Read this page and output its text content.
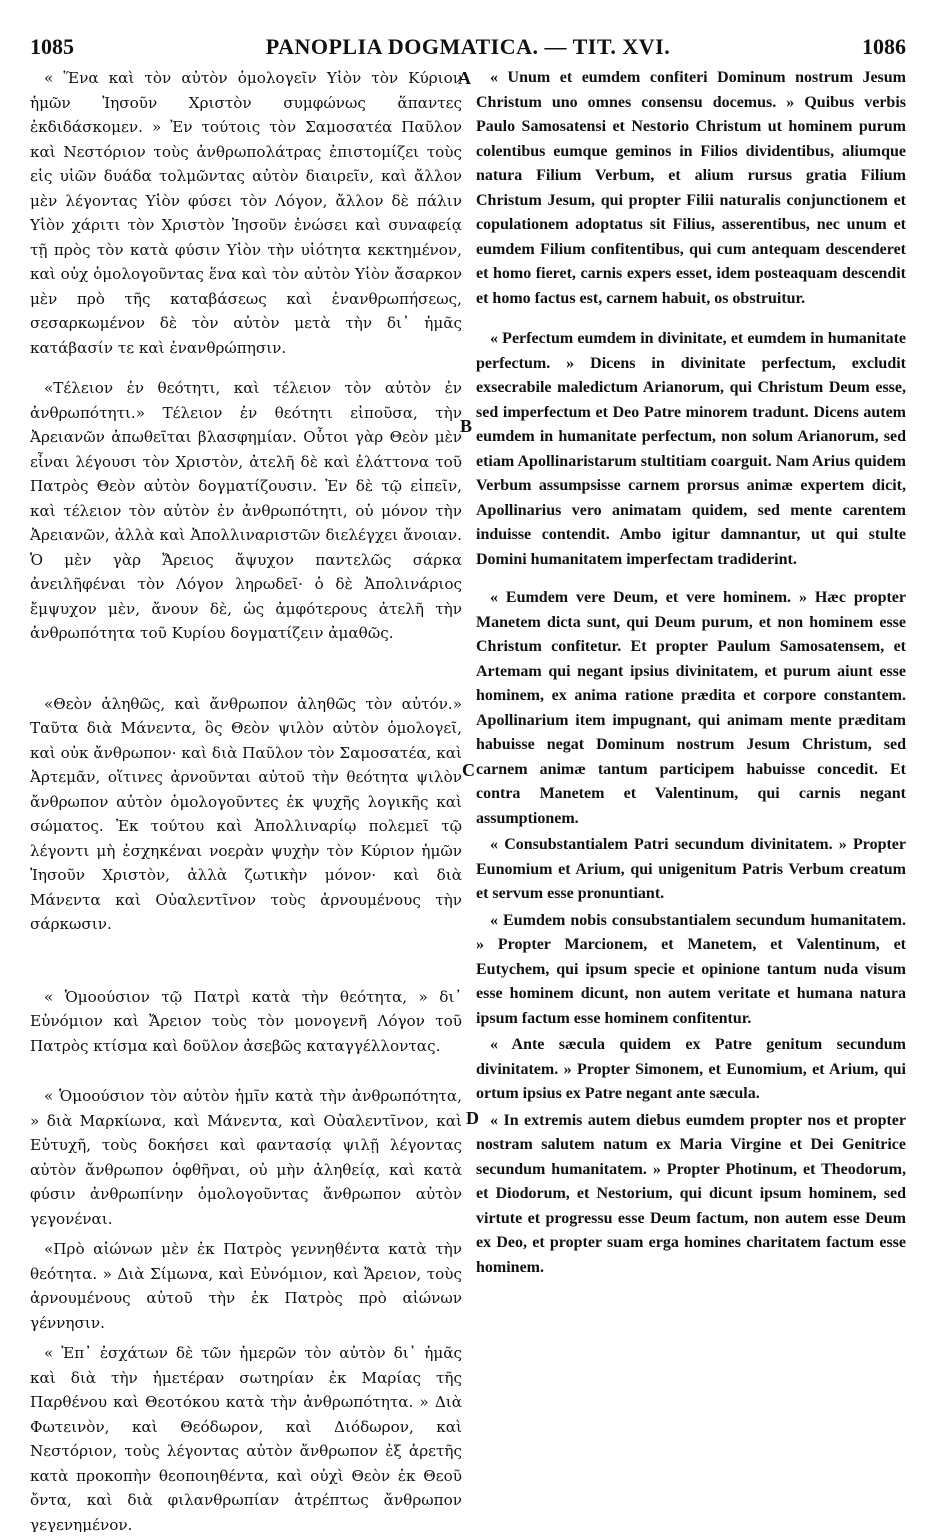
1085	PANOPLIA DOGMATICA. — TIT. XVI.	1086

« Ἕνα καὶ τὸν αὐτὸν ὁμολογεῖν Υἱὸν τὸν Κύριον ἡμῶν Ἰησοῦν Χριστὸν συμφώνως ἅπαντες ἐκδιδάσκομεν. » Ἐν τούτοις τὸν Σαμοσατέα Παῦλον καὶ Νεστόριον τοὺς ἀνθρωπολάτρας ἐπιστομίζει τοὺς εἰς υἱῶν δυάδα τολμῶντας αὐτὸν διαιρεῖν, καὶ ἄλλον μὲν λέγοντας Υἱὸν φύσει τὸν Λόγον, ἄλλον δὲ πάλιν Υἱὸν χάριτι τὸν Χριστὸν Ἰησοῦν ἑνώσει καὶ συναφείᾳ τῇ πρὸς τὸν κατὰ φύσιν Υἱὸν τὴν υἱότητα κεκτημένον, καὶ οὐχ ὁμολογοῦντας ἕνα καὶ τὸν αὐτὸν Υἱὸν ἄσαρκον μὲν πρὸ τῆς καταβάσεως καὶ ἐνανθρωπήσεως, σεσαρκωμένον δὲ τὸν αὐτὸν μετὰ τὴν δι᾽ ἡμᾶς κατάβασίν τε καὶ ἐνανθρώπησιν.

«Τέλειον ἐν θεότητι, καὶ τέλειον τὸν αὐτὸν ἐν ἀνθρωπότητι.» Τέλειον ἐν θεότητι εἰποῦσα, τὴν Ἀρειανῶν ἀπωθεῖται βλασφημίαν. Οὗτοι γὰρ Θεὸν μὲν εἶναι λέγουσι τὸν Χριστὸν, ἀτελῆ δὲ καὶ ἐλάττονα τοῦ Πατρὸς Θεὸν αὐτὸν δογματίζουσιν. Ἐν δὲ τῷ εἰπεῖν, καὶ τέλειον τὸν αὐτὸν ἐν ἀνθρωπότητι, οὐ μόνον τὴν Ἀρειανῶν, ἀλλὰ καὶ Ἀπολλιναριστῶν διελέγχει ἄνοιαν. Ὁ μὲν γὰρ Ἄρειος ἄψυχον παντελῶς σάρκα ἀνειλῆφέναι τὸν Λόγον ληρωδεῖ· ὁ δὲ Ἀπολινάριος ἔμψυχον μὲν, ἄνουν δὲ, ὡς ἀμφότερους ἀτελῆ τὴν ἀνθρωπότητα τοῦ Κυρίου δογματίζειν ἀμαθῶς.

«Θεὸν ἀληθῶς, καὶ ἄνθρωπον ἀληθῶς τὸν αὐτόν.» Ταῦτα διὰ Μάνεντα, ὃς Θεὸν ψιλὸν αὐτὸν ὁμολογεῖ, καὶ οὐκ ἄνθρωπον· καὶ διὰ Παῦλον τὸν Σαμοσατέα, καὶ Ἀρτεμᾶν, οἵτινες ἀρνοῦνται αὐτοῦ τὴν θεότητα ψιλὸν ἄνθρωπον αὐτὸν ὁμολογοῦντες ἐκ ψυχῆς λογικῆς καὶ σώματος. Ἐκ τούτου καὶ Ἀπολλιναρίῳ πολεμεῖ τῷ λέγοντι μὴ ἐσχηκέναι νοερὰν ψυχὴν τὸν Κύριον ἡμῶν Ἰησοῦν Χριστὸν, ἀλλὰ ζωτικὴν μόνον· καὶ διὰ Μάνεντα καὶ Οὐαλεντῖνον τοὺς ἀρνουμένους τὴν σάρκωσιν.

« Ὁμοούσιον τῷ Πατρὶ κατὰ τὴν θεότητα, » δι᾽ Εὐνόμιον καὶ Ἄρειον τοὺς τὸν μονογενῆ Λόγον τοῦ Πατρὸς κτίσμα καὶ δοῦλον ἀσεβῶς καταγγέλλοντας.

« Ὁμοούσιον τὸν αὐτὸν ἡμῖν κατὰ τὴν ἀνθρωπότητα, » διὰ Μαρκίωνα, καὶ Μάνεντα, καὶ Οὐαλεντῖνον, καὶ Εὐτυχῆ, τοὺς δοκήσει καὶ φαντασίᾳ ψιλῇ λέγοντας αὐτὸν ἄνθρωπον ὀφθῆναι, οὐ μὴν ἀληθείᾳ, καὶ κατὰ φύσιν ἀνθρωπίνην ὁμολογοῦντας ἄνθρωπον αὐτὸν γεγονέναι.

«Πρὸ αἰώνων μὲν ἐκ Πατρὸς γεννηθέντα κατὰ τὴν θεότητα. » Διὰ Σίμωνα, καὶ Εὐνόμιον, καὶ Ἄρειον, τοὺς ἀρνουμένους αὐτοῦ τὴν ἐκ Πατρὸς πρὸ αἰώνων γέννησιν.

« Ἐπ᾽ ἐσχάτων δὲ τῶν ἡμερῶν τὸν αὐτὸν δι᾽ ἡμᾶς καὶ διὰ τὴν ἡμετέραν σωτηρίαν ἐκ Μαρίας τῆς Παρθένου καὶ Θεοτόκου κατὰ τὴν ἀνθρωπότητα. » Διὰ Φωτεινὸν, καὶ Θεόδωρον, καὶ Διόδωρον, καὶ Νεστόριον, τοὺς λέγοντας αὐτὸν ἄνθρωπον ἐξ ἀρετῆς κατὰ προκοπὴν θεοποιηθέντα, καὶ οὐχὶ Θεὸν ἐκ Θεοῦ ὄντα, καὶ διὰ φιλανθρωπίαν ἀτρέπτως ἄνθρωπον γεγενημένον.

A
B
C
D

« Unum et eumdem confiteri Dominum nostrum Jesum Christum uno omnes consensu docemus. » Quibus verbis Paulo Samosatensi et Nestorio Christum ut hominem purum colentibus eumque geminos in Filios dividentibus, aliumque natura Filium Verbum, et alium rursus gratia Filium Christum Jesum, qui propter Filii naturalis conjunctionem et copulationem adoptatus sit Filius, asserentibus, nec unum et eumdem Filium confitentibus, qui cum antequam descenderet et homo fieret, carnis expers esset, idem posteaquam descendit et homo factus est, carnem habuit, os obstruitur.

« Perfectum eumdem in divinitate, et eumdem in humanitate perfectum. » Dicens in divinitate perfectum, excludit exsecrabile maledictum Arianorum, qui Christum Deum esse, sed imperfectum et Deo Patre minorem tradunt. Dicens autem eumdem in humanitate perfectum, non solum Arianorum, sed etiam Apollinaristarum stultitiam coarguit. Nam Arius quidem Verbum assumpsisse carnem prorsus animæ expertem dicit, Apollinarius vero animatam quidem, sed mente carentem induisse contendit. Ambo igitur damnantur, ut qui stulte Domini humanitatem imperfectam tradiderint.

« Eumdem vere Deum, et vere hominem. » Hæc propter Manetem dicta sunt, qui Deum purum, et non hominem esse Christum confitetur. Et propter Paulum Samosatensem, et Artemam qui negant ipsius divinitatem, et purum aiunt esse hominem, ex anima ratione prædita et corpore constantem. Apollinarium item impugnant, qui animam mente præditam habuisse negat Dominum nostrum Jesum Christum, sed carnem animæ tantum participem habuisse concedit. Et contra Manetem et Valentinum, qui carnis negant assumptionem.

« Consubstantialem Patri secundum divinitatem. » Propter Eunomium et Arium, qui unigenitum Patris Verbum creatum et servum esse pronuntiant.

« Eumdem nobis consubstantialem secundum humanitatem. » Propter Marcionem, et Manetem, et Valentinum, et Eutychem, qui ipsum specie et opinione tantum nuda visum esse hominem dicunt, non autem veritate et humana natura ipsum factum esse hominem confitentur.

« Ante sæcula quidem ex Patre genitum secundum divinitatem. » Propter Simonem, et Eunomium, et Arium, qui ortum ipsius ex Patre negant ante sæcula.

« In extremis autem diebus eumdem propter nos et propter nostram salutem natum ex Maria Virgine et Dei Genitrice secundum humanitatem. » Propter Photinum, et Theodorum, et Diodorum, et Nestorium, qui dicunt ipsum hominem, sed virtute et progressu esse Deum factum, non autem esse Deum ex Deo, et propter suam erga homines charitatem factum esse hominem.
